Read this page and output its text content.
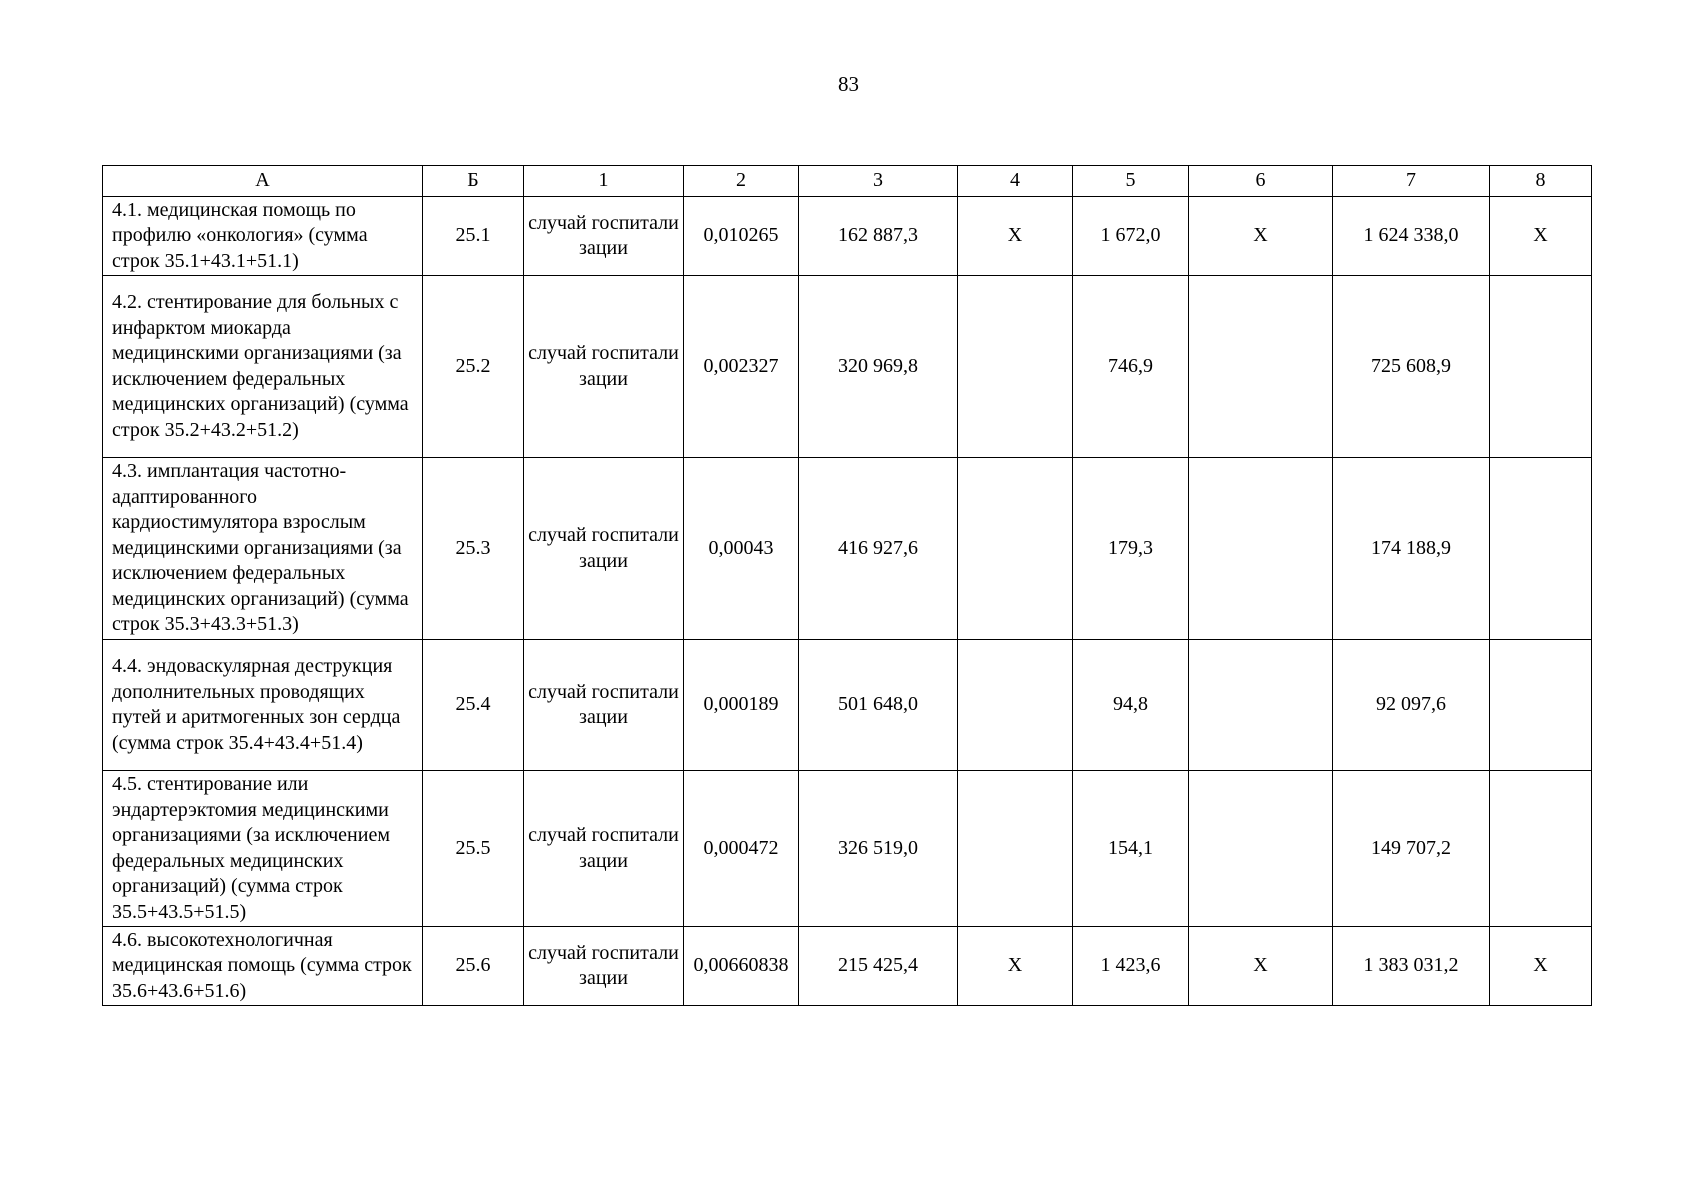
83
А	Б	1	2	3	4	5	6	7	8
4.1. медицинская помощь по профилю «онкология» (сумма строк 35.1+43.1+51.1)	25.1	случай госпитализации	0,010265	162 887,3	Х	1 672,0	Х	1 624 338,0	Х
4.2. стентирование для больных с инфарктом миокарда медицинскими организациями (за исключением федеральных медицинских организаций) (сумма строк 35.2+43.2+51.2)	25.2	случай госпитализации	0,002327	320 969,8		746,9		725 608,9	
4.3. имплантация частотно-адаптированного кардиостимулятора взрослым медицинскими организациями (за исключением федеральных медицинских организаций) (сумма строк 35.3+43.3+51.3)	25.3	случай госпитализации	0,00043	416 927,6		179,3		174 188,9	
4.4. эндоваскулярная деструкция дополнительных проводящих путей и аритмогенных зон сердца (сумма строк 35.4+43.4+51.4)	25.4	случай госпитализации	0,000189	501 648,0		94,8		92 097,6	
4.5. стентирование или эндартерэктомия медицинскими организациями (за исключением федеральных медицинских организаций) (сумма строк 35.5+43.5+51.5)	25.5	случай госпитализации	0,000472	326 519,0		154,1		149 707,2	
4.6. высокотехнологичная медицинская помощь (сумма строк 35.6+43.6+51.6)	25.6	случай госпитализации	0,00660838	215 425,4	Х	1 423,6	Х	1 383 031,2	Х
